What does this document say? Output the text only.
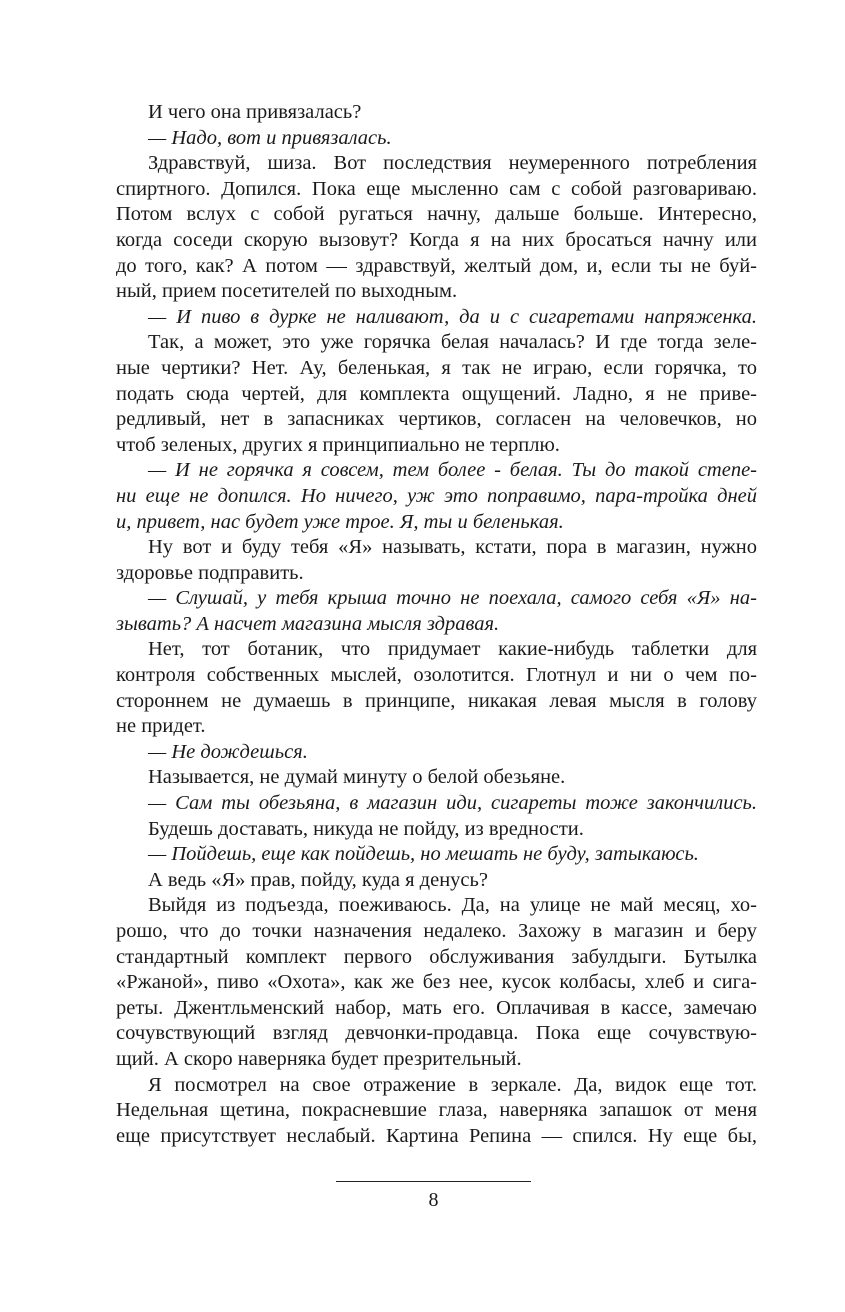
И чего она привязалась?
— Надо, вот и привязалась.
Здравствуй, шиза. Вот последствия неумеренного потребления
спиртного. Допился. Пока еще мысленно сам с собой разговариваю.
Потом вслух с собой ругаться начну, дальше больше. Интересно,
когда соседи скорую вызовут? Когда я на них бросаться начну или
до того, как? А потом — здравствуй, желтый дом, и, если ты не буй-
ный, прием посетителей по выходным.
— И пиво в дурке не наливают, да и с сигаретами напряженка.
Так, а может, это уже горячка белая началась? И где тогда зеле-
ные чертики? Нет. Ау, беленькая, я так не играю, если горячка, то
подать сюда чертей, для комплекта ощущений. Ладно, я не приве-
редливый, нет в запасниках чертиков, согласен на человечков, но
чтоб зеленых, других я принципиально не терплю.
— И не горячка я совсем, тем более - белая. Ты до такой степе-
ни еще не допился. Но ничего, уж это поправимо, пара-тройка дней
и, привет, нас будет уже трое. Я, ты и беленькая.
Ну вот и буду тебя «Я» называть, кстати, пора в магазин, нужно
здоровье подправить.
— Слушай, у тебя крыша точно не поехала, самого себя «Я» на-
зывать? А насчет магазина мысля здравая.
Нет, тот ботаник, что придумает какие-нибудь таблетки для
контроля собственных мыслей, озолотится. Глотнул и ни о чем по-
стороннем не думаешь в принципе, никакая левая мысля в голову
не придет.
— Не дождешься.
Называется, не думай минуту о белой обезьяне.
— Сам ты обезьяна, в магазин иди, сигареты тоже закончились.
Будешь доставать, никуда не пойду, из вредности.
— Пойдешь, еще как пойдешь, но мешать не буду, затыкаюсь.
А ведь «Я» прав, пойду, куда я денусь?
Выйдя из подъезда, поеживаюсь. Да, на улице не май месяц, хо-
рошо, что до точки назначения недалеко. Захожу в магазин и беру
стандартный комплект первого обслуживания забулдыги. Бутылка
«Ржаной», пиво «Охота», как же без нее, кусок колбасы, хлеб и сига-
реты. Джентльменский набор, мать его. Оплачивая в кассе, замечаю
сочувствующий взгляд девчонки-продавца. Пока еще сочувствую-
щий. А скоро наверняка будет презрительный.
Я посмотрел на свое отражение в зеркале. Да, видок еще тот.
Недельная щетина, покрасневшие глаза, наверняка запашок от меня
еще присутствует неслабый. Картина Репина — спился. Ну еще бы,
8
